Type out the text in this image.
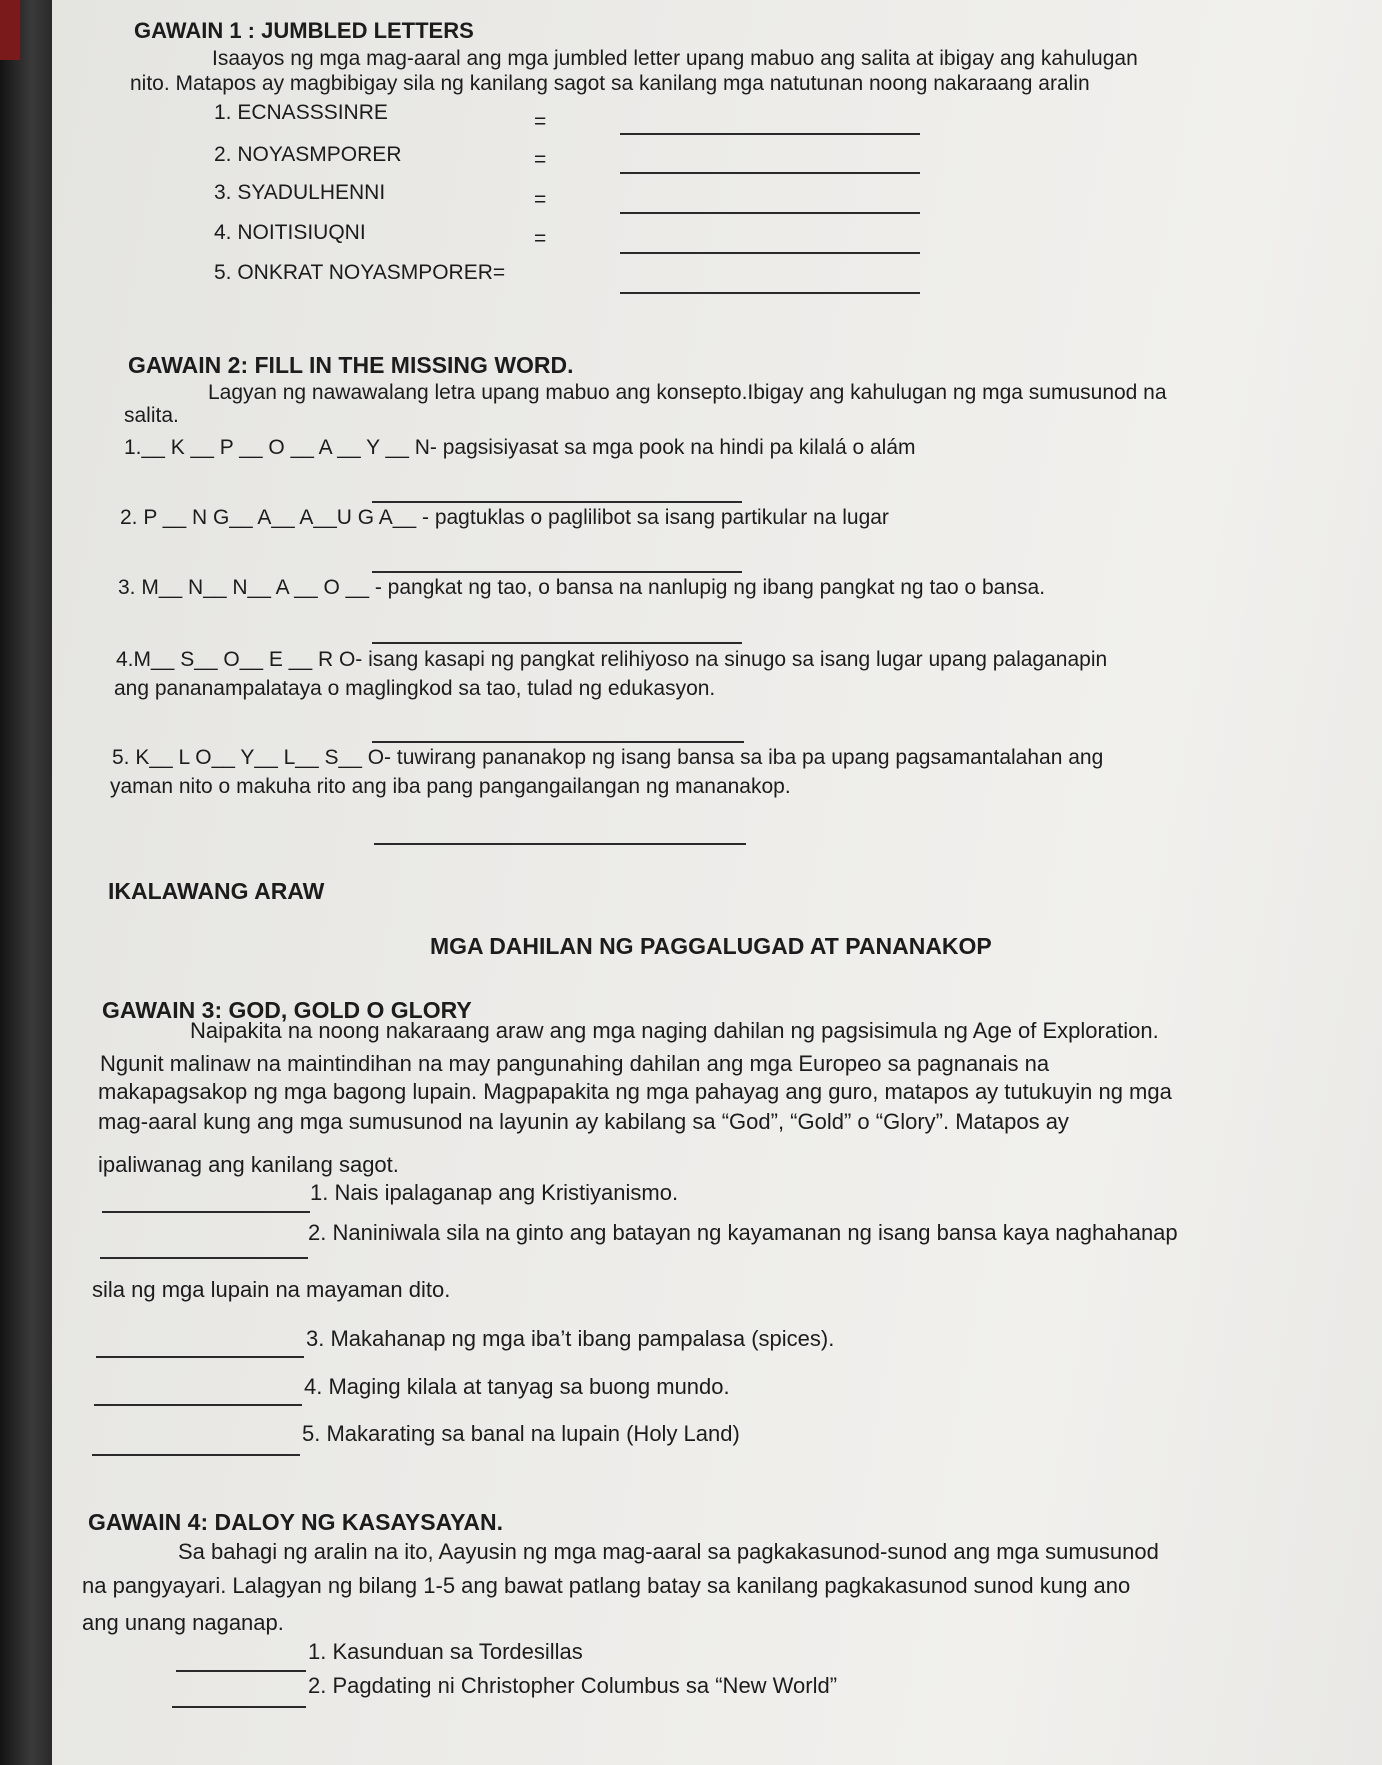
GAWAIN 1 : JUMBLED LETTERS
Isaayos ng mga mag-aaral ang mga jumbled letter upang mabuo ang salita at ibigay ang kahulugan
nito. Matapos ay magbibigay sila ng kanilang sagot sa kanilang mga natutunan noong nakaraang aralin
1. ECNASSSINRE	=
2. NOYASMPORER	=
3. SYADULHENNI	=
4. NOITISIUQNI	=
5. ONKRAT NOYASMPORER=
GAWAIN 2: FILL IN THE MISSING WORD.
Lagyan ng nawawalang letra upang mabuo ang konsepto.Ibigay ang kahulugan ng mga sumusunod na
salita.
1.__ K __ P __ O __ A __ Y __ N- pagsisiyasat sa mga pook na hindi pa kilalá o alám
2. P __ N G__ A__ A__U G A__ - pagtuklas o paglilibot sa isang partikular na lugar
3. M__ N__ N__ A __ O __ - pangkat ng tao, o bansa na nanlupig ng ibang pangkat ng tao o bansa.
4.M__ S__ O__ E __ R O- isang kasapi ng pangkat relihiyoso na sinugo sa isang lugar upang palaganapin
ang pananampalataya o maglingkod sa tao, tulad ng edukasyon.
5. K__ L O__ Y__ L__ S__ O- tuwirang pananakop ng isang bansa sa iba pa upang pagsamantalahan ang
yaman nito o makuha rito ang iba pang pangangailangan ng mananakop.
IKALAWANG ARAW
MGA DAHILAN NG PAGGALUGAD AT PANANAKOP
GAWAIN 3: GOD, GOLD O GLORY
Naipakita na noong nakaraang araw ang mga naging dahilan ng pagsisimula ng Age of Exploration.
Ngunit malinaw na maintindihan na may pangunahing dahilan ang mga Europeo sa pagnanais na
makapagsakop ng mga bagong lupain. Magpapakita ng mga pahayag ang guro, matapos ay tutukuyin ng mga
mag-aaral kung ang mga sumusunod na layunin ay kabilang sa “God”, “Gold” o “Glory”. Matapos ay
ipaliwanag ang kanilang sagot.
1. Nais ipalaganap ang Kristiyanismo.
2. Naniniwala sila na ginto ang batayan ng kayamanan ng isang bansa kaya naghahanap
sila ng mga lupain na mayaman dito.
3. Makahanap ng mga iba’t ibang pampalasa (spices).
4. Maging kilala at tanyag sa buong mundo.
5. Makarating sa banal na lupain (Holy Land)
GAWAIN 4: DALOY NG KASAYSAYAN.
Sa bahagi ng aralin na ito, Aayusin ng mga mag-aaral sa pagkakasunod-sunod ang mga sumusunod
na pangyayari. Lalagyan ng bilang 1-5 ang bawat patlang batay sa kanilang pagkakasunod sunod kung ano
ang unang naganap.
1. Kasunduan sa Tordesillas
2. Pagdating ni Christopher Columbus sa “New World”
